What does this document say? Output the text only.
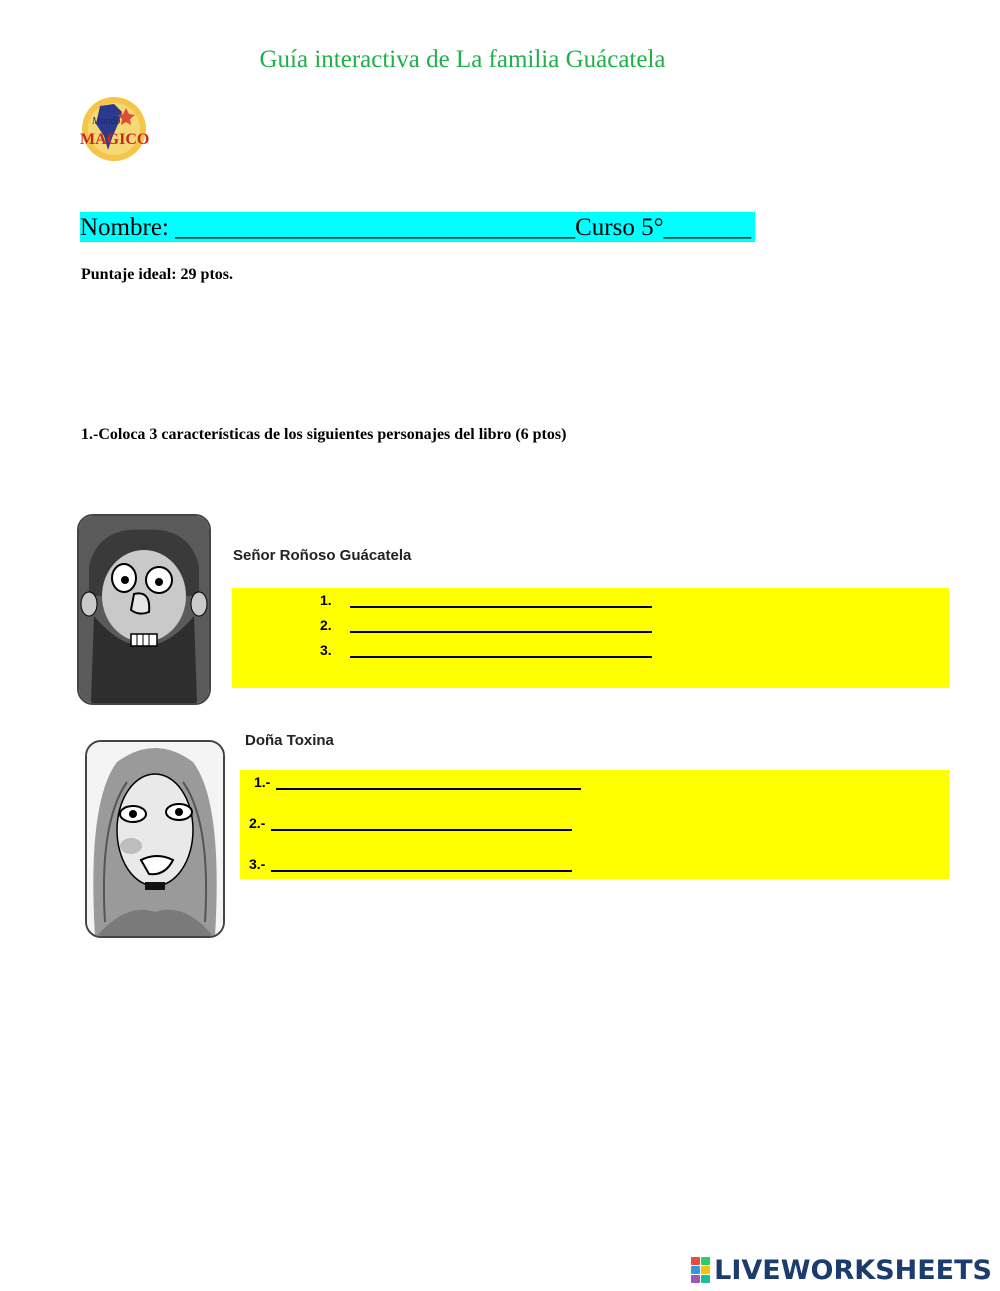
Guía interactiva de La familia Guácatela
Mundo
MAGICO
Nombre: ________________________________Curso 5°_______
Puntaje ideal: 29 ptos.
1.-Coloca 3 características de los siguientes personajes del libro (6 ptos)
Señor Roñoso Guácatela
1.
2.
3.
Doña Toxina
1.-
2.-
3.-
LIVEWORKSHEETS
